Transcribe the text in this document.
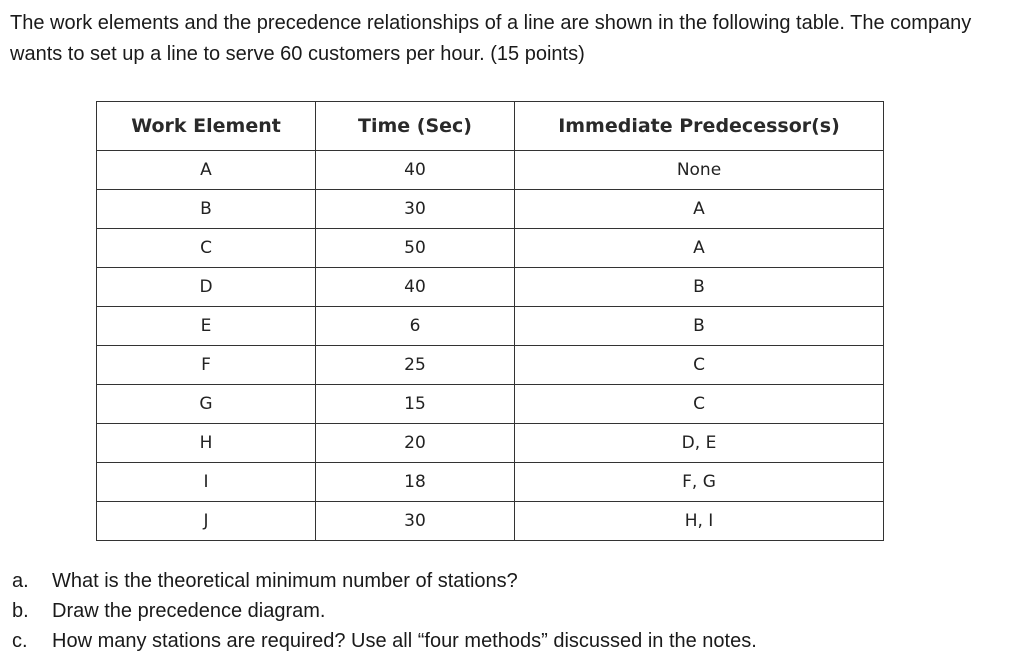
The work elements and the precedence relationships of a line are shown in the following table. The company wants to set up a line to serve 60 customers per hour. (15 points)

Work Element	Time (Sec)	Immediate Predecessor(s)
A	40	None
B	30	A
C	50	A
D	40	B
E	6	B
F	25	C
G	15	C
H	20	D, E
I	18	F, G
J	30	H, I
a.	What is the theoretical minimum number of stations?
b.	Draw the precedence diagram.
c.	How many stations are required? Use all “four methods” discussed in the notes.
